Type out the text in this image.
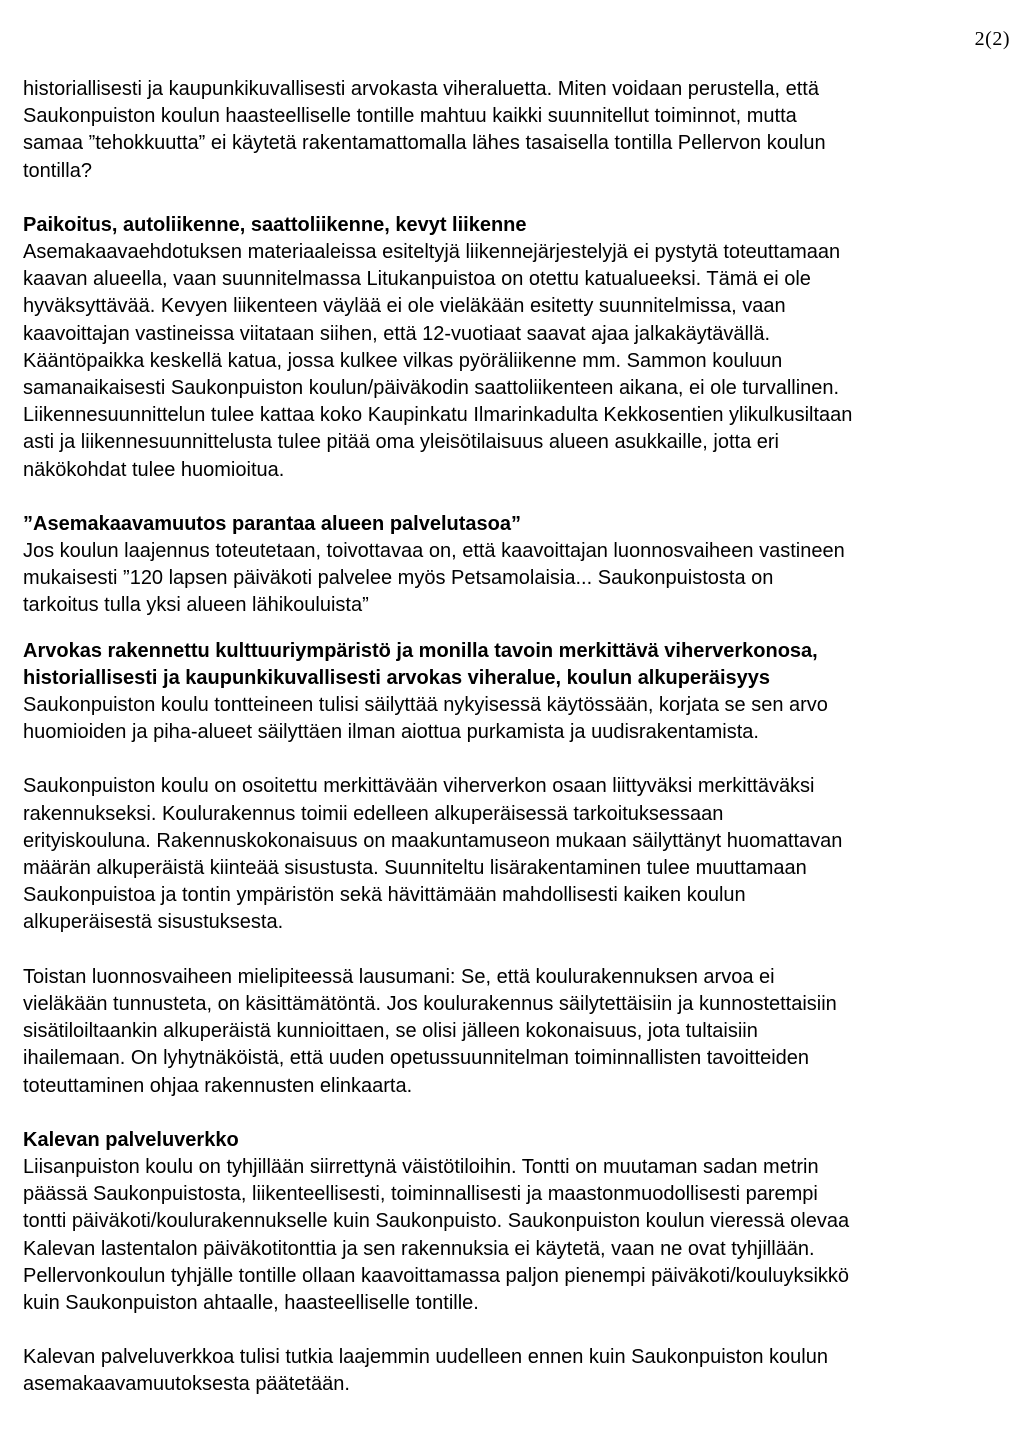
2(2)
historiallisesti ja kaupunkikuvallisesti arvokasta viheraluetta. Miten voidaan perustella, että
Saukonpuiston koulun haasteelliselle tontille mahtuu kaikki suunnitellut toiminnot, mutta
samaa ”tehokkuutta” ei käytetä rakentamattomalla lähes tasaisella tontilla Pellervon koulun
tontilla?
Paikoitus, autoliikenne, saattoliikenne, kevyt liikenne
Asemakaavaehdotuksen materiaaleissa esiteltyjä liikennejärjestelyjä ei pystytä toteuttamaan
kaavan alueella, vaan suunnitelmassa Litukanpuistoa on otettu katualueeksi. Tämä ei ole
hyväksyttävää. Kevyen liikenteen väylää ei ole vieläkään esitetty suunnitelmissa, vaan
kaavoittajan vastineissa viitataan siihen, että 12-vuotiaat saavat ajaa jalkakäytävällä.
Kääntöpaikka keskellä katua, jossa kulkee vilkas pyöräliikenne mm. Sammon kouluun
samanaikaisesti Saukonpuiston koulun/päiväkodin saattoliikenteen aikana, ei ole turvallinen.
Liikennesuunnittelun tulee kattaa koko Kaupinkatu Ilmarinkadulta Kekkosentien ylikulkusiltaan
asti ja liikennesuunnittelusta tulee pitää oma yleisötilaisuus alueen asukkaille, jotta eri
näkökohdat tulee huomioitua.
”Asemakaavamuutos parantaa alueen palvelutasoa”
Jos koulun laajennus toteutetaan, toivottavaa on, että kaavoittajan luonnosvaiheen vastineen
mukaisesti ”120 lapsen päiväkoti palvelee myös Petsamolaisia... Saukonpuistosta on
tarkoitus tulla yksi alueen lähikouluista”
Arvokas rakennettu kulttuuriympäristö ja monilla tavoin merkittävä viherverkonosa,
historiallisesti ja kaupunkikuvallisesti arvokas viheralue, koulun alkuperäisyys
Saukonpuiston koulu tontteineen tulisi säilyttää nykyisessä käytössään, korjata se sen arvo
huomioiden ja piha-alueet säilyttäen ilman aiottua purkamista ja uudisrakentamista.
Saukonpuiston koulu on osoitettu merkittävään viherverkon osaan liittyväksi merkittäväksi
rakennukseksi. Koulurakennus toimii edelleen alkuperäisessä tarkoituksessaan
erityiskouluna. Rakennuskokonaisuus on maakuntamuseon mukaan säilyttänyt huomattavan
määrän alkuperäistä kiinteää sisustusta. Suunniteltu lisärakentaminen tulee muuttamaan
Saukonpuistoa ja tontin ympäristön sekä hävittämään mahdollisesti kaiken koulun
alkuperäisestä sisustuksesta.
Toistan luonnosvaiheen mielipiteessä lausumani: Se, että koulurakennuksen arvoa ei
vieläkään tunnusteta, on käsittämätöntä. Jos koulurakennus säilytettäisiin ja kunnostettaisiin
sisätiloiltaankin alkuperäistä kunnioittaen, se olisi jälleen kokonaisuus, jota tultaisiin
ihailemaan. On lyhytnäköistä, että uuden opetussuunnitelman toiminnallisten tavoitteiden
toteuttaminen ohjaa rakennusten elinkaarta.
Kalevan palveluverkko
Liisanpuiston koulu on tyhjillään siirrettynä väistötiloihin. Tontti on muutaman sadan metrin
päässä Saukonpuistosta, liikenteellisesti, toiminnallisesti ja maastonmuodollisesti parempi
tontti päiväkoti/koulurakennukselle kuin Saukonpuisto. Saukonpuiston koulun vieressä olevaa
Kalevan lastentalon päiväkotitonttia ja sen rakennuksia ei käytetä, vaan ne ovat tyhjillään.
Pellervonkoulun tyhjälle tontille ollaan kaavoittamassa paljon pienempi päiväkoti/kouluyksikkö
kuin Saukonpuiston ahtaalle, haasteelliselle tontille.
Kalevan palveluverkkoa tulisi tutkia laajemmin uudelleen ennen kuin Saukonpuiston koulun
asemakaavamuutoksesta päätetään.
